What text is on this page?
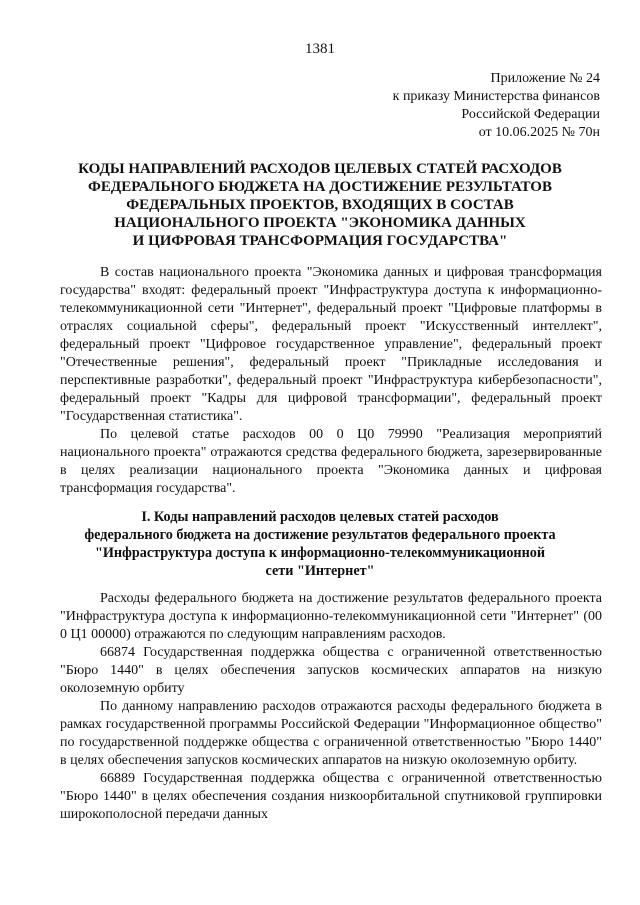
1381
Приложение № 24
к приказу Министерства финансов
Российской Федерации
от 10.06.2025 № 70н
КОДЫ НАПРАВЛЕНИЙ РАСХОДОВ ЦЕЛЕВЫХ СТАТЕЙ РАСХОДОВ
ФЕДЕРАЛЬНОГО БЮДЖЕТА НА ДОСТИЖЕНИЕ РЕЗУЛЬТАТОВ
ФЕДЕРАЛЬНЫХ ПРОЕКТОВ, ВХОДЯЩИХ В СОСТАВ
НАЦИОНАЛЬНОГО ПРОЕКТА "ЭКОНОМИКА ДАННЫХ
И ЦИФРОВАЯ ТРАНСФОРМАЦИЯ ГОСУДАРСТВА"

В состав национального проекта "Экономика данных и цифровая трансформация государства" входят: федеральный проект "Инфраструктура доступа к информационно-телекоммуникационной сети "Интернет", федеральный проект "Цифровые платформы в отраслях социальной сферы", федеральный проект "Искусственный интеллект", федеральный проект "Цифровое государственное управление", федеральный проект "Отечественные решения", федеральный проект "Прикладные исследования и перспективные разработки", федеральный проект "Инфраструктура кибербезопасности", федеральный проект "Кадры для цифровой трансформации", федеральный проект "Государственная статистика".

По целевой статье расходов 00 0 Ц0 79990 "Реализация мероприятий национального проекта" отражаются средства федерального бюджета, зарезервированные в целях реализации национального проекта "Экономика данных и цифровая трансформация государства".

I. Коды направлений расходов целевых статей расходов
федерального бюджета на достижение результатов федерального проекта
"Инфраструктура доступа к информационно-телекоммуникационной
сети "Интернет"

Расходы федерального бюджета на достижение результатов федерального проекта "Инфраструктура доступа к информационно-телекоммуникационной сети "Интернет" (00 0 Ц1 00000) отражаются по следующим направлениям расходов.

66874 Государственная поддержка общества с ограниченной ответственностью "Бюро 1440" в целях обеспечения запусков космических аппаратов на низкую околоземную орбиту

По данному направлению расходов отражаются расходы федерального бюджета в рамках государственной программы Российской Федерации "Информационное общество" по государственной поддержке общества с ограниченной ответственностью "Бюро 1440" в целях обеспечения запусков космических аппаратов на низкую околоземную орбиту.

66889 Государственная поддержка общества с ограниченной ответственностью "Бюро 1440" в целях обеспечения создания низкоорбитальной спутниковой группировки широкополосной передачи данных
